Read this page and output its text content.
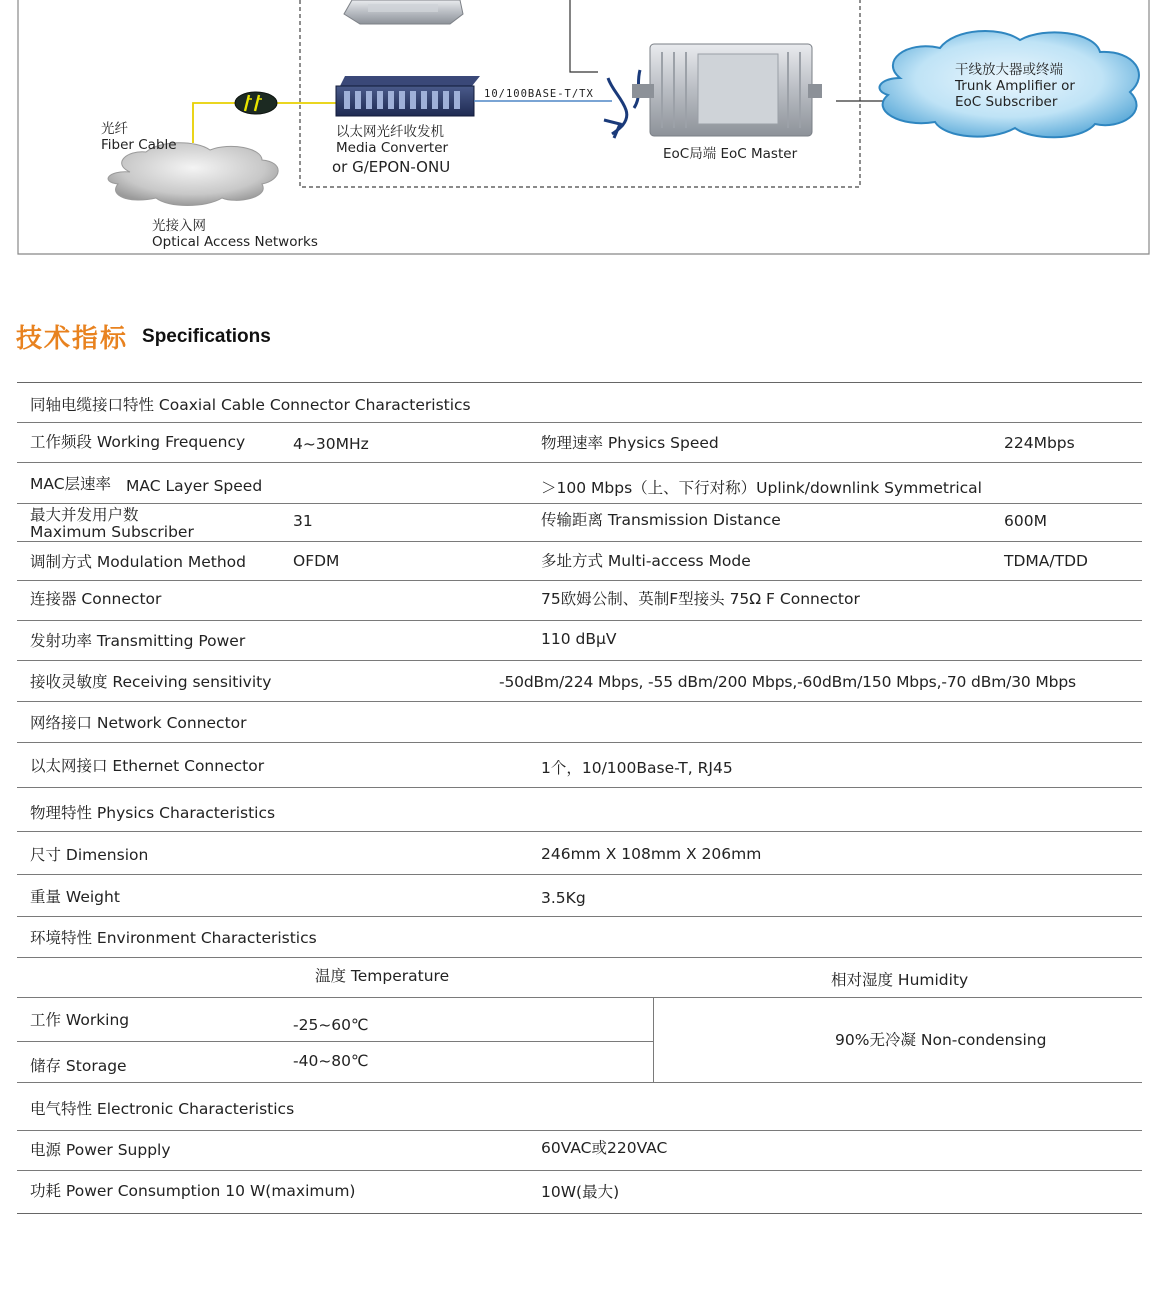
光纤
Fiber Cable
光接入网
Optical Access Networks
以太网光纤收发机
Media Converter
or G/EPON-ONU
10/100BASE-T/TX
EoC局端 EoC Master
干线放大器或终端
Trunk Amplifier or
EoC Subscriber
技术指标 Specifications
同轴电缆接口特性 Coaxial Cable Connector Characteristics
工作频段 Working Frequency	4~30MHz	物理速率 Physics Speed	224Mbps
MAC层速率 MAC Layer Speed	＞100 Mbps（上、下行对称）Uplink/downlink Symmetrical
最大并发用户数
Maximum Subscriber
31	传输距离 Transmission Distance	600M
调制方式 Modulation Method	OFDM	多址方式 Multi-access Mode	TDMA/TDD
连接器 Connector	75欧姆公制、英制F型接头 75Ω F Connector
发射功率 Transmitting Power	110 dBμV
接收灵敏度 Receiving sensitivity	-50dBm/224 Mbps, -55 dBm/200 Mbps,-60dBm/150 Mbps,-70 dBm/30 Mbps
网络接口 Network Connector
以太网接口 Ethernet Connector	1个，10/100Base-T, RJ45
物理特性 Physics Characteristics
尺寸 Dimension	246mm X 108mm X 206mm
重量 Weight	3.5Kg
环境特性 Environment Characteristics
温度 Temperature	相对湿度 Humidity
工作 Working	-25~60℃
储存 Storage	-40~80℃
90%无冷凝 Non-condensing
电气特性 Electronic Characteristics
电源 Power Supply	60VAC或220VAC
功耗 Power Consumption 10 W(maximum)	10W(最大)
